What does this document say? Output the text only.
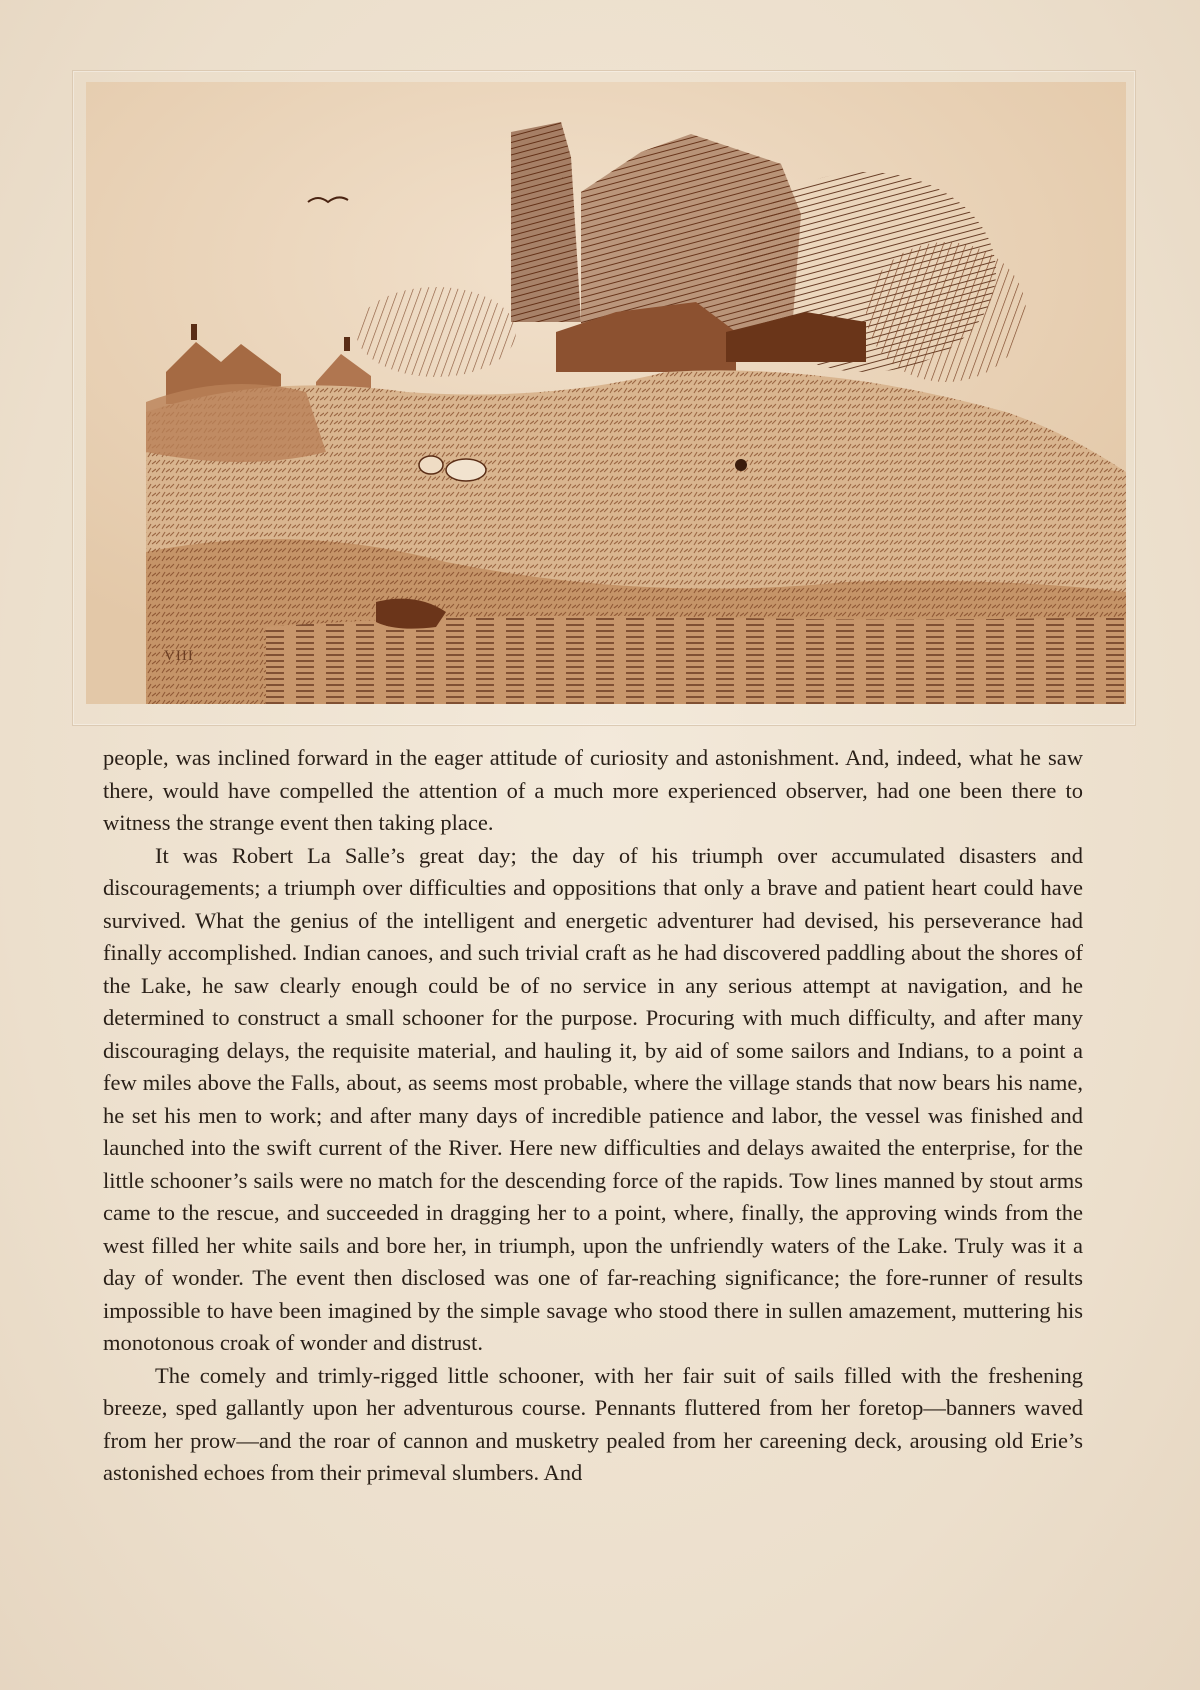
VIII

people, was inclined forward in the eager attitude of curiosity and astonishment. And, indeed, what he saw there, would have compelled the attention of a much more experienced observer, had one been there to witness the strange event then taking place.

It was Robert La Salle’s great day; the day of his triumph over accumulated disasters and discouragements; a triumph over difficulties and oppositions that only a brave and patient heart could have survived. What the genius of the intelligent and energetic adventurer had devised, his perseverance had finally accomplished. Indian canoes, and such trivial craft as he had discovered paddling about the shores of the Lake, he saw clearly enough could be of no service in any serious attempt at navigation, and he determined to construct a small schooner for the purpose. Procuring with much difficulty, and after many discouraging delays, the requisite material, and hauling it, by aid of some sailors and Indians, to a point a few miles above the Falls, about, as seems most probable, where the village stands that now bears his name, he set his men to work; and after many days of incredible patience and labor, the vessel was finished and launched into the swift current of the River. Here new difficulties and delays awaited the enterprise, for the little schooner’s sails were no match for the descending force of the rapids. Tow lines manned by stout arms came to the rescue, and succeeded in dragging her to a point, where, finally, the approving winds from the west filled her white sails and bore her, in triumph, upon the unfriendly waters of the Lake. Truly was it a day of wonder. The event then disclosed was one of far-reaching significance; the fore-runner of results impossible to have been imagined by the simple savage who stood there in sullen amazement, muttering his monotonous croak of wonder and distrust.

The comely and trimly-rigged little schooner, with her fair suit of sails filled with the freshening breeze, sped gallantly upon her adventurous course. Pennants fluttered from her foretop—banners waved from her prow—and the roar of cannon and musketry pealed from her careening deck, arousing old Erie’s astonished echoes from their primeval slumbers. And
